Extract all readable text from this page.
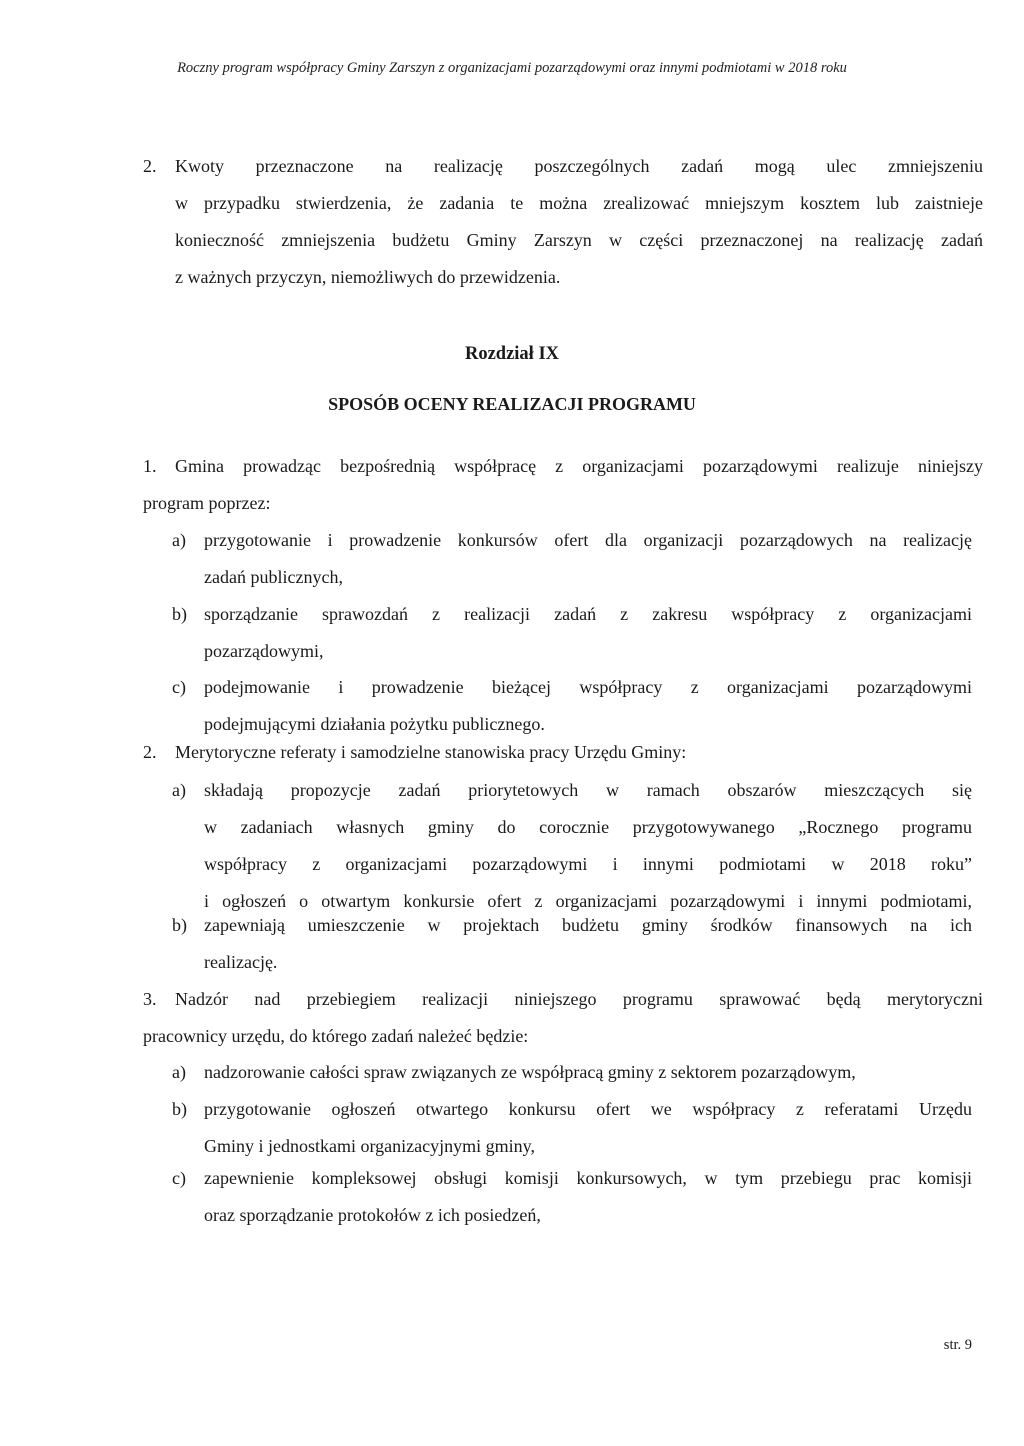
Roczny program współpracy Gminy Zarszyn z organizacjami pozarządowymi oraz innymi podmiotami w 2018 roku
2. Kwoty przeznaczone na realizację poszczególnych zadań mogą ulec zmniejszeniu
w przypadku stwierdzenia, że zadania te można zrealizować mniejszym kosztem lub zaistnieje
konieczność zmniejszenia budżetu Gminy Zarszyn w części przeznaczonej na realizację zadań
z ważnych przyczyn, niemożliwych do przewidzenia.
Rozdział IX
SPOSÓB OCENY REALIZACJI PROGRAMU
1. Gmina prowadząc bezpośrednią współpracę z organizacjami pozarządowymi realizuje niniejszy
program poprzez:
a) przygotowanie i prowadzenie konkursów ofert dla organizacji pozarządowych na realizację
zadań publicznych,
b) sporządzanie sprawozdań z realizacji zadań z zakresu współpracy z organizacjami
pozarządowymi,
c) podejmowanie i prowadzenie bieżącej współpracy z organizacjami pozarządowymi
podejmującymi działania pożytku publicznego.
2. Merytoryczne referaty i samodzielne stanowiska pracy Urzędu Gminy:
a) składają propozycje zadań priorytetowych w ramach obszarów mieszczących się
w zadaniach własnych gminy do corocznie przygotowywanego „Rocznego programu
współpracy z organizacjami pozarządowymi i innymi podmiotami w 2018 roku”
i ogłoszeń o otwartym konkursie ofert z organizacjami pozarządowymi i innymi podmiotami,
b) zapewniają umieszczenie w projektach budżetu gminy środków finansowych na ich
realizację.
3. Nadzór nad przebiegiem realizacji niniejszego programu sprawować będą merytoryczni
pracownicy urzędu, do którego zadań należeć będzie:
a) nadzorowanie całości spraw związanych ze współpracą gminy z sektorem pozarządowym,
b) przygotowanie ogłoszeń otwartego konkursu ofert we współpracy z referatami Urzędu
Gminy i jednostkami organizacyjnymi gminy,
c) zapewnienie kompleksowej obsługi komisji konkursowych, w tym przebiegu prac komisji
oraz sporządzanie protokołów z ich posiedzeń,
str. 9
